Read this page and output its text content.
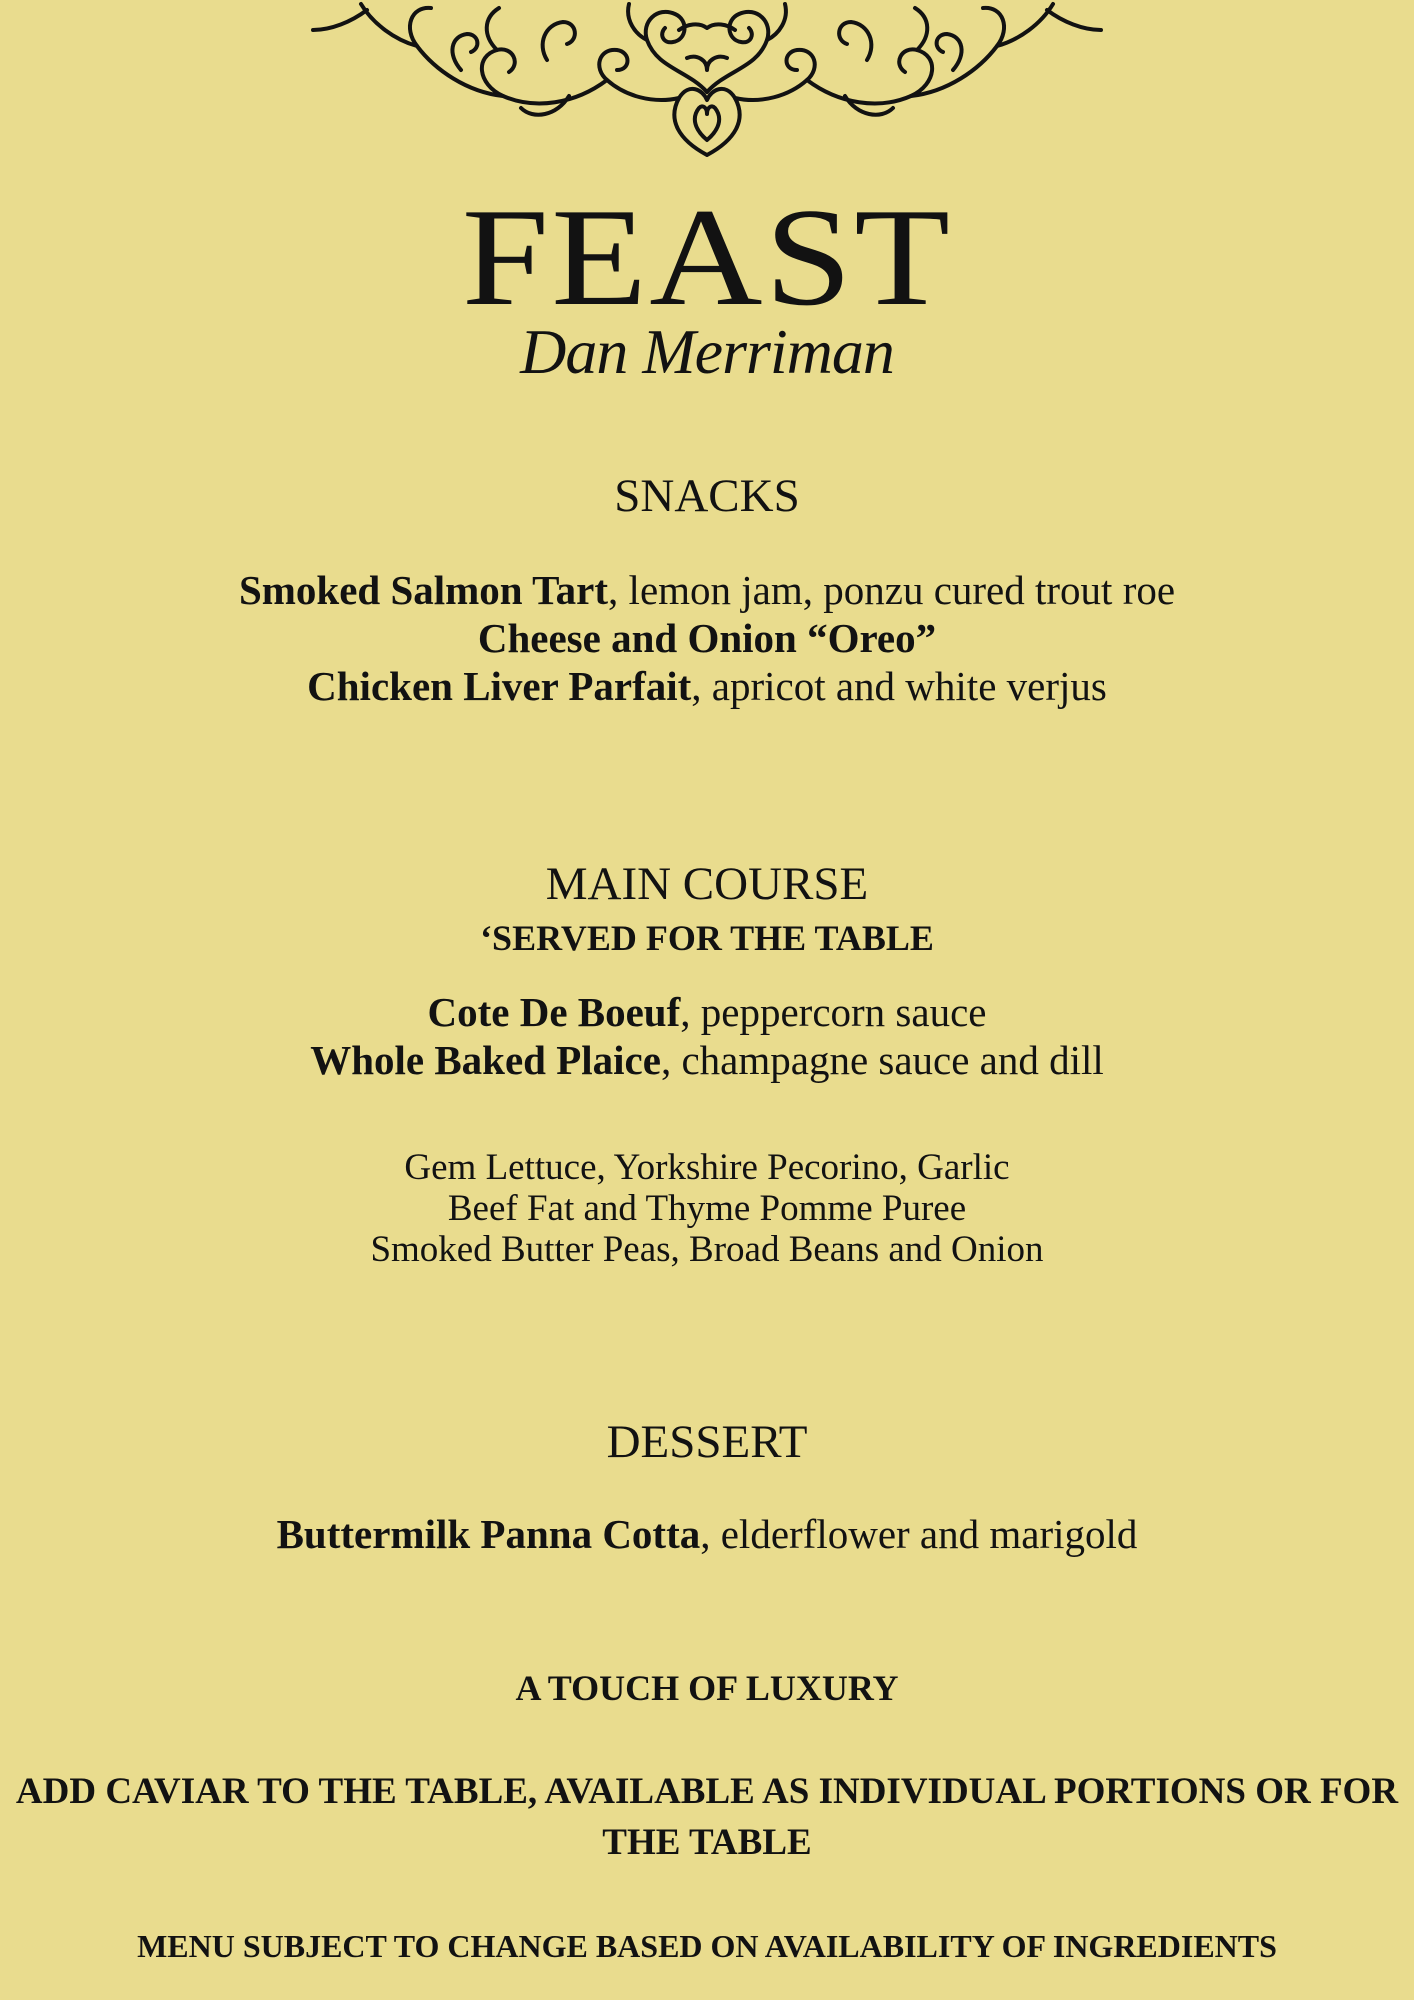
FEAST
Dan Merriman
SNACKS
Smoked Salmon Tart, lemon jam, ponzu cured trout roe
Cheese and Onion “Oreo”
Chicken Liver Parfait, apricot and white verjus
MAIN COURSE
‘SERVED FOR THE TABLE
Cote De Boeuf, peppercorn sauce
Whole Baked Plaice, champagne sauce and dill
Gem Lettuce, Yorkshire Pecorino, Garlic
Beef Fat and Thyme Pomme Puree
Smoked Butter Peas, Broad Beans and Onion
DESSERT
Buttermilk Panna Cotta, elderflower and marigold
A TOUCH OF LUXURY
ADD CAVIAR TO THE TABLE, AVAILABLE AS INDIVIDUAL PORTIONS OR FOR THE TABLE
MENU SUBJECT TO CHANGE BASED ON AVAILABILITY OF INGREDIENTS
